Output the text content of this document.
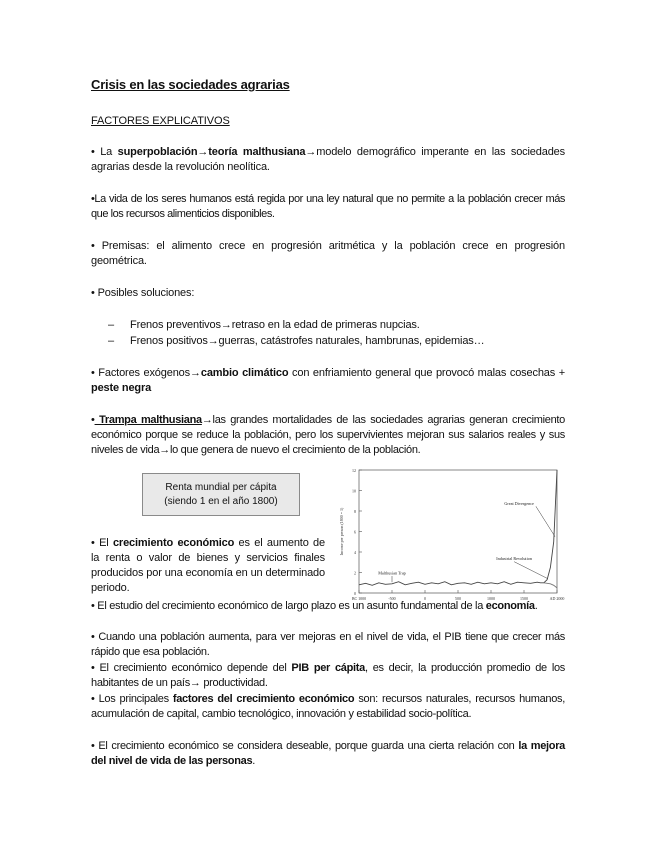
Crisis en las sociedades agrarias

FACTORES EXPLICATIVOS

• La superpoblación→teoría malthusiana→modelo demográfico imperante en las sociedades agrarias desde la revolución neolítica.

•La vida de los seres humanos está regida por una ley natural que no permite a la población crecer más que los recursos alimenticios disponibles.

• Premisas: el alimento crece en progresión aritmética y la población crece en progresión geométrica.

• Posibles soluciones:

– Frenos preventivos→retraso en la edad de primeras nupcias.

– Frenos positivos→guerras, catástrofes naturales, hambrunas, epidemias…

• Factores exógenos→cambio climático con enfriamiento general que provocó malas cosechas + peste negra

• Trampa malthusiana→las grandes mortalidades de las sociedades agrarias generan crecimiento económico porque se reduce la población, pero los supervivientes mejoran sus salarios reales y sus niveles de vida→lo que genera de nuevo el crecimiento de la población.

Renta mundial per cápita
(siendo 1 en el año 1800)
0
2
4
6
8
10
12
BC 1000	-500	0	500	1000	1500	AD 2000
Income per person (1800 = 1)
Great Divergence
Industrial Revolution
Malthusian Trap

• El crecimiento económico es el aumento de la renta o valor de bienes y servicios finales producidos por una economía en un determinado periodo.

• El estudio del crecimiento económico de largo plazo es un asunto fundamental de la economía.

• Cuando una población aumenta, para ver mejoras en el nivel de vida, el PIB tiene que crecer más rápido que esa población.

• El crecimiento económico depende del PIB per cápita, es decir, la producción promedio de los habitantes de un país→ productividad.

• Los principales factores del crecimiento económico son: recursos naturales, recursos humanos, acumulación de capital, cambio tecnológico, innovación y estabilidad socio-política.

• El crecimiento económico se considera deseable, porque guarda una cierta relación con la mejora del nivel de vida de las personas.
